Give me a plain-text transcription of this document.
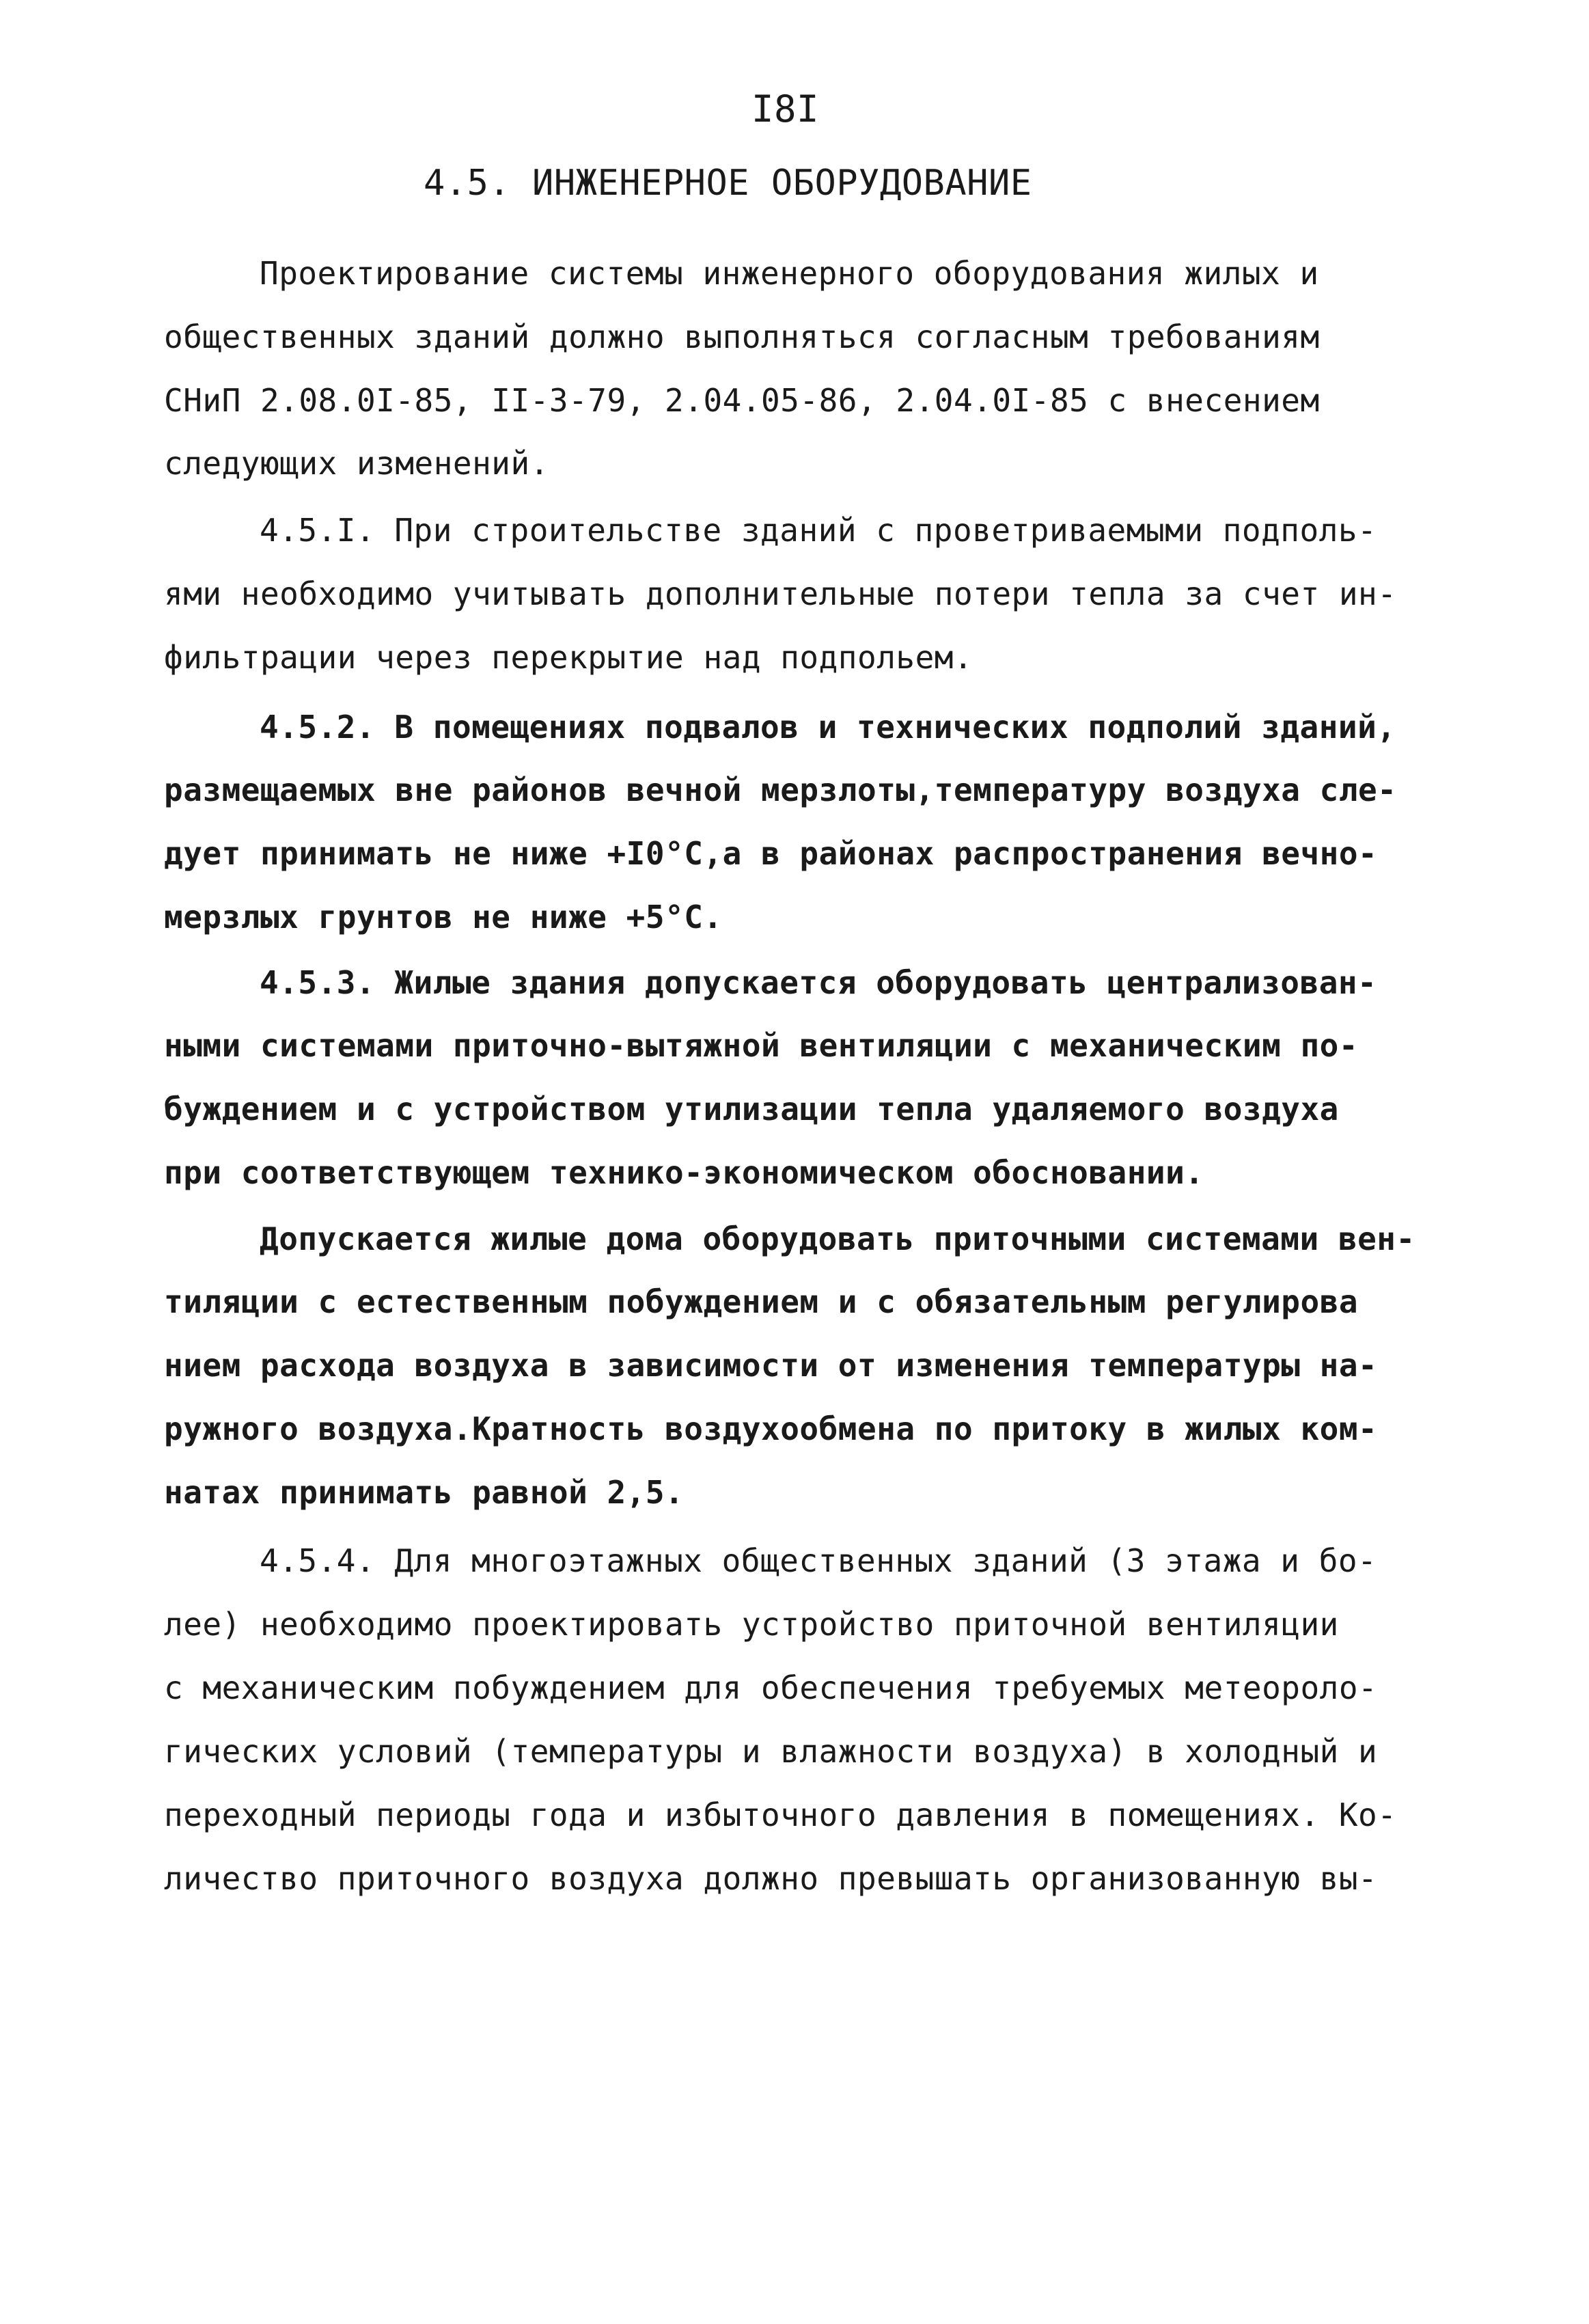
I8I
4.5. ИНЖЕНЕРНОЕ ОБОРУДОВАНИЕ
Проектирование системы инженерного оборудования жилых и
общественных зданий должно выполняться согласным требованиям
СНиП 2.08.0I-85, II-3-79, 2.04.05-86, 2.04.0I-85 с внесением
следующих изменений.
4.5.I. При строительстве зданий с проветриваемыми подполь-
ями необходимо учитывать дополнительные потери тепла за счет ин-
фильтрации через перекрытие над подпольем.
4.5.2. В помещениях подвалов и технических подполий зданий,
размещаемых вне районов вечной мерзлоты,температуру воздуха сле-
дует принимать не ниже +I0°С,а в районах распространения вечно-
мерзлых грунтов не ниже +5°С.
4.5.3. Жилые здания допускается оборудовать централизован-
ными системами приточно-вытяжной вентиляции с механическим по-
буждением и с устройством утилизации тепла удаляемого воздуха
при соответствующем технико-экономическом обосновании.
Допускается жилые дома оборудовать приточными системами вен-
тиляции с естественным побуждением и с обязательным регулирова
нием расхода воздуха в зависимости от изменения температуры на-
ружного воздуха.Кратность воздухообмена по притоку в жилых ком-
натах принимать равной 2,5.
4.5.4. Для многоэтажных общественных зданий (3 этажа и бо-
лее) необходимо проектировать устройство приточной вентиляции
с механическим побуждением для обеспечения требуемых метеороло-
гических условий (температуры и влажности воздуха) в холодный и
переходный периоды года и избыточного давления в помещениях. Ко-
личество приточного воздуха должно превышать организованную вы-
